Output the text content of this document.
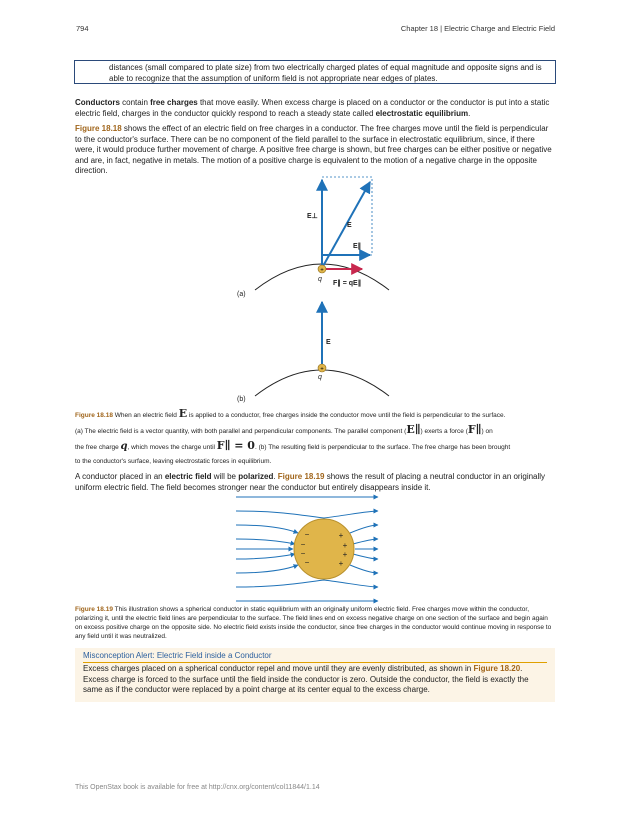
794	Chapter 18 | Electric Charge and Electric Field
distances (small compared to plate size) from two electrically charged plates of equal magnitude and opposite signs and is able to recognize that the assumption of uniform field is not appropriate near edges of plates.
Conductors contain free charges that move easily. When excess charge is placed on a conductor or the conductor is put into a static electric field, charges in the conductor quickly respond to reach a steady state called electrostatic equilibrium.
Figure 18.18 shows the effect of an electric field on free charges in a conductor. The free charges move until the field is perpendicular to the conductor's surface. There can be no component of the field parallel to the surface in electrostatic equilibrium, since, if there were, it would produce further movement of charge. A positive free charge is shown, but free charges can be either positive or negative and are, in fact, negative in metals. The motion of a positive charge is equivalent to the motion of a negative charge in the opposite direction.
+
+
E⊥
E
E∥
q
F∥ = qE∥
(a)
E
q
(b)
Figure 18.18 When an electric field E is applied to a conductor, free charges inside the conductor move until the field is perpendicular to the surface.
(a) The electric field is a vector quantity, with both parallel and perpendicular components. The parallel component (E∥) exerts a force (F∥) on
the free charge q, which moves the charge until F∥ = 0. (b) The resulting field is perpendicular to the surface. The free charge has been brought
to the conductor's surface, leaving electrostatic forces in equilibrium.
A conductor placed in an electric field will be polarized. Figure 18.19 shows the result of placing a neutral conductor in an originally uniform electric field. The field becomes stronger near the conductor but entirely disappears inside it.
−
−
−
−
+
+
+
+
Figure 18.19 This illustration shows a spherical conductor in static equilibrium with an originally uniform electric field. Free charges move within the conductor, polarizing it, until the electric field lines are perpendicular to the surface. The field lines end on excess negative charge on one section of the surface and begin again on excess positive charge on the opposite side. No electric field exists inside the conductor, since free charges in the conductor would continue moving in response to any field until it was neutralized.
Misconception Alert: Electric Field inside a Conductor
Excess charges placed on a spherical conductor repel and move until they are evenly distributed, as shown in Figure 18.20. Excess charge is forced to the surface until the field inside the conductor is zero. Outside the conductor, the field is exactly the same as if the conductor were replaced by a point charge at its center equal to the excess charge.
This OpenStax book is available for free at http://cnx.org/content/col11844/1.14
